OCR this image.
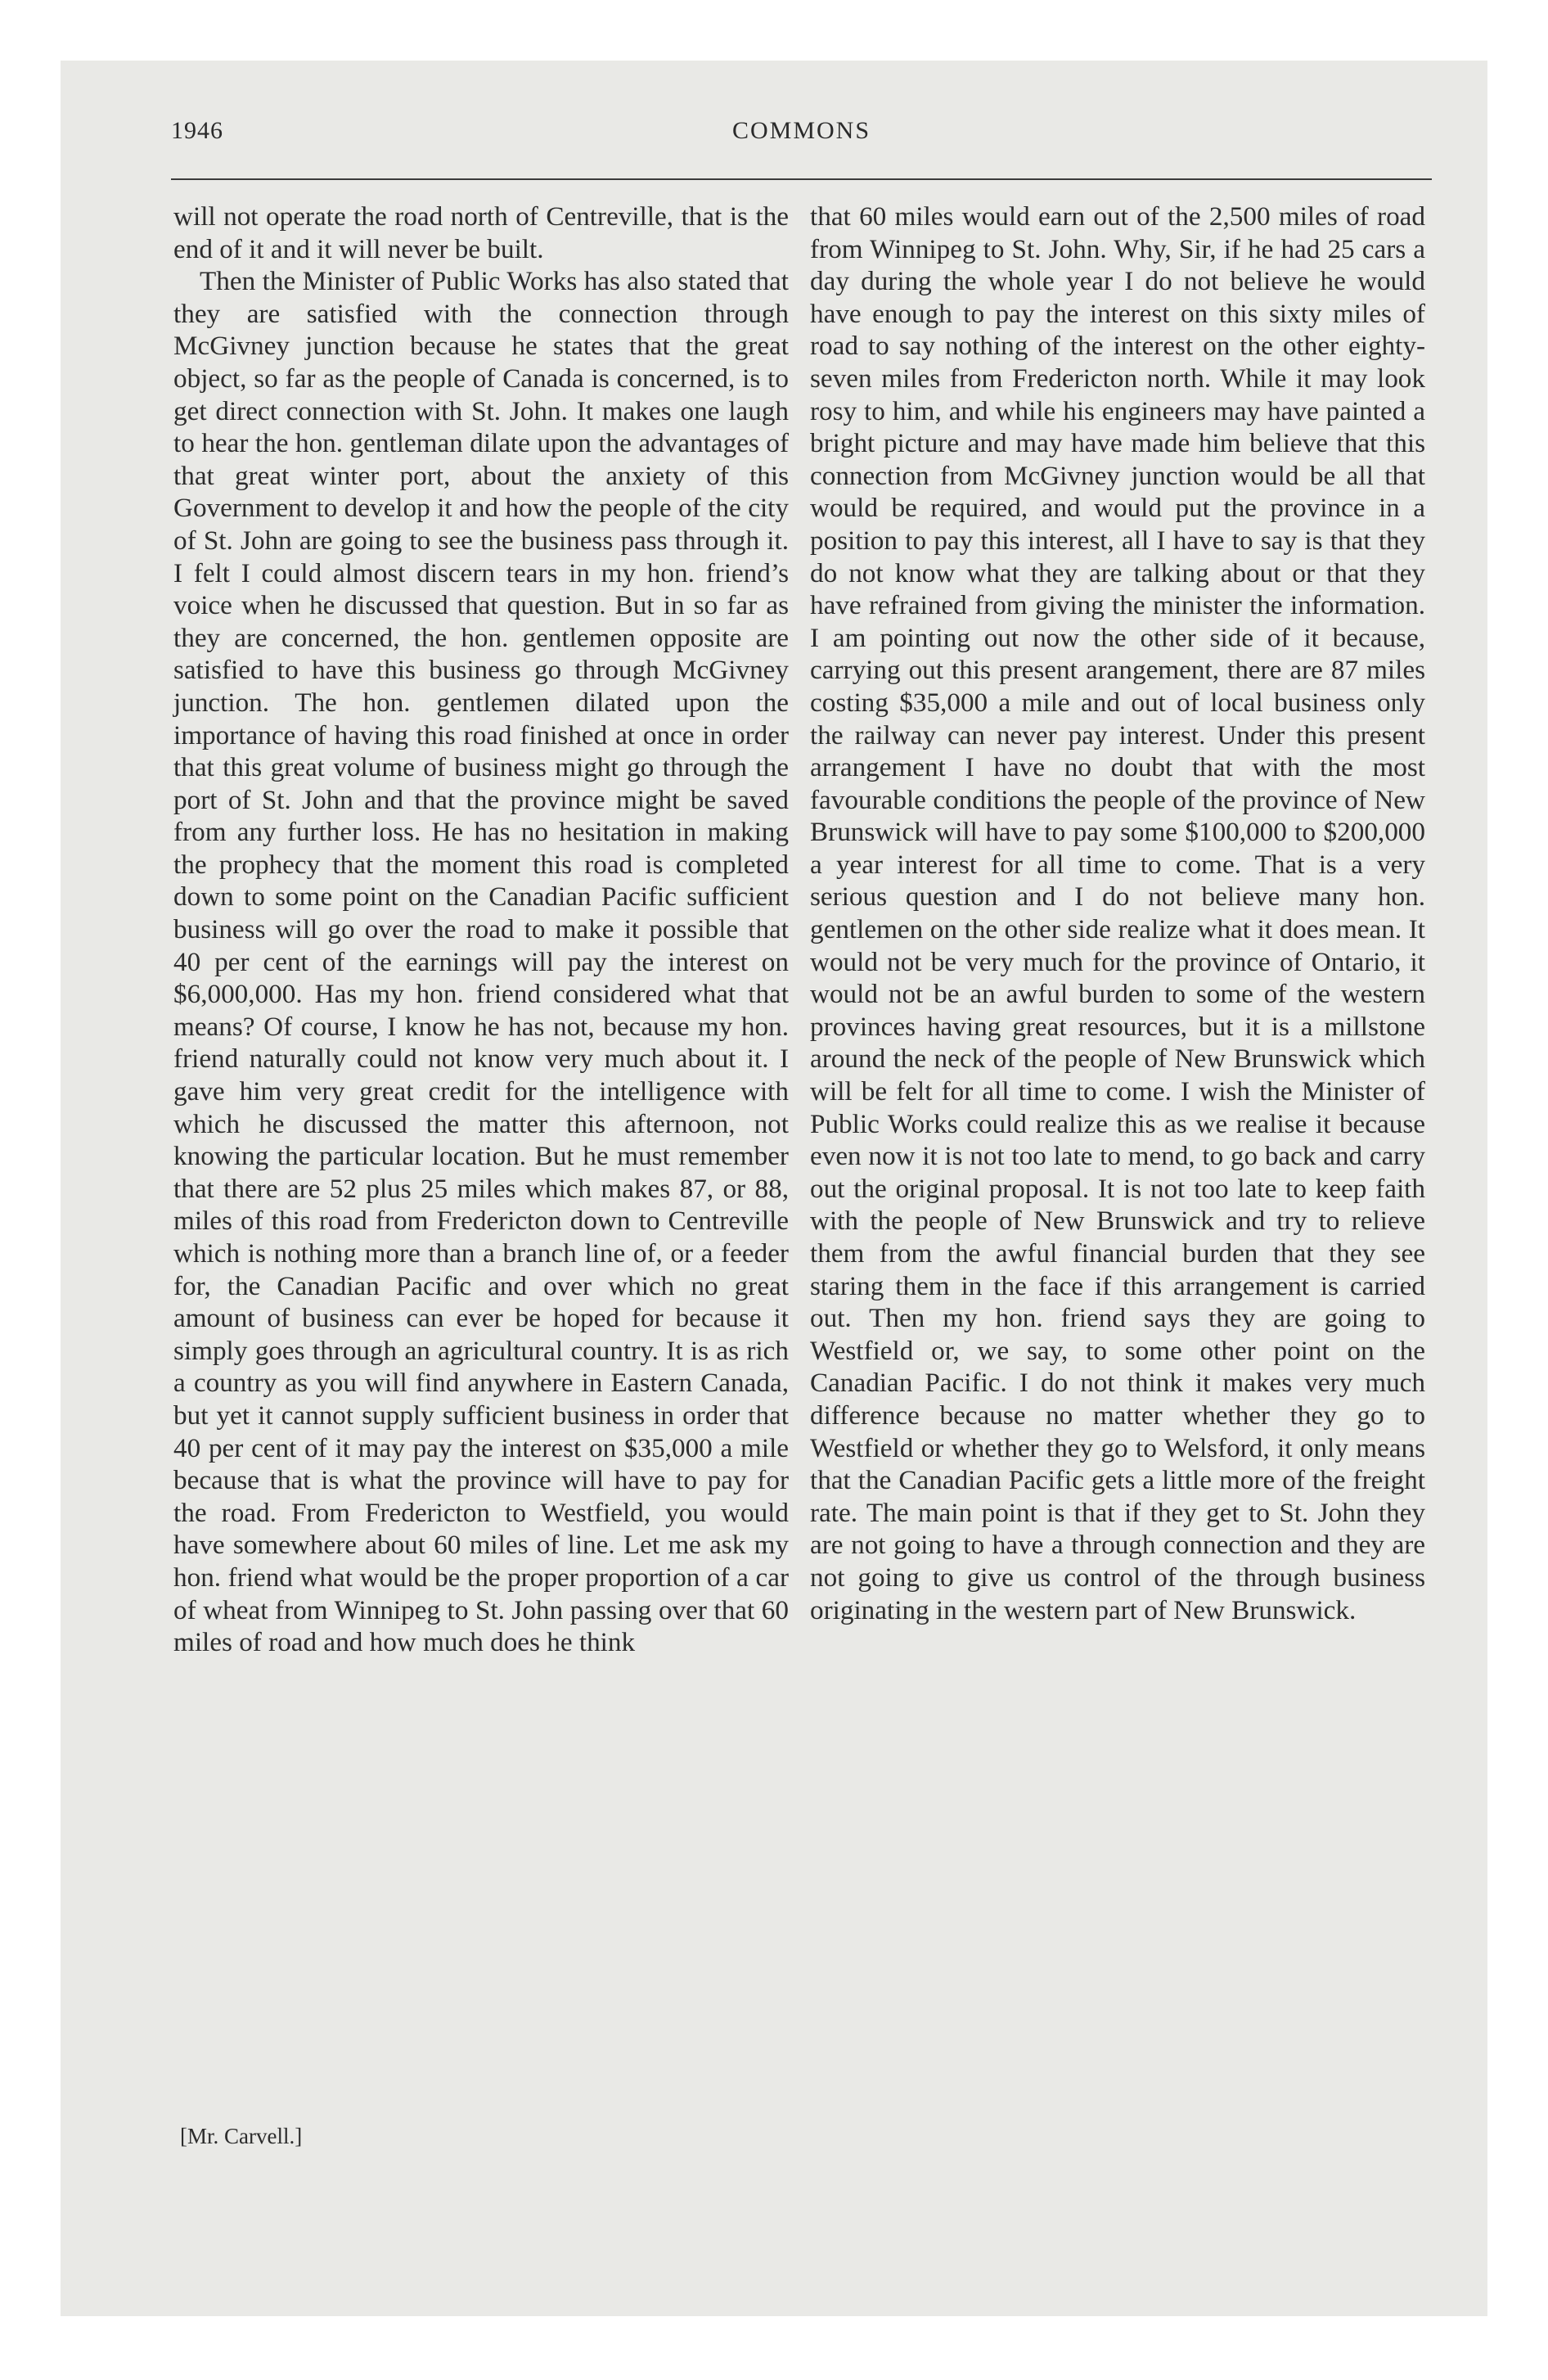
1946	COMMONS

will not operate the road north of Centreville, that is the end of it and it will never be built.

Then the Minister of Public Works has also stated that they are satisfied with the connection through McGivney junction because he states that the great object, so far as the people of Canada is concerned, is to get direct connection with St. John. It makes one laugh to hear the hon. gentleman dilate upon the advantages of that great winter port, about the anxiety of this Government to develop it and how the people of the city of St. John are going to see the business pass through it. I felt I could almost discern tears in my hon. friend’s voice when he discussed that question. But in so far as they are concerned, the hon. gentlemen opposite are satisfied to have this business go through McGivney junction. The hon. gentlemen dilated upon the importance of having this road finished at once in order that this great volume of business might go through the port of St. John and that the province might be saved from any further loss. He has no hesitation in making the prophecy that the moment this road is completed down to some point on the Canadian Pacific sufficient business will go over the road to make it possible that 40 per cent of the earnings will pay the interest on $6,000,000. Has my hon. friend considered what that means? Of course, I know he has not, because my hon. friend naturally could not know very much about it. I gave him very great credit for the intelligence with which he discussed the matter this afternoon, not knowing the particular location. But he must remember that there are 52 plus 25 miles which makes 87, or 88, miles of this road from Fredericton down to Centreville which is nothing more than a branch line of, or a feeder for, the Canadian Pacific and over which no great amount of business can ever be hoped for because it simply goes through an agricultural country. It is as rich a country as you will find anywhere in Eastern Canada, but yet it cannot supply sufficient business in order that 40 per cent of it may pay the interest on $35,000 a mile because that is what the province will have to pay for the road. From Fredericton to Westfield, you would have somewhere about 60 miles of line. Let me ask my hon. friend what would be the proper proportion of a car of wheat from Winnipeg to St. John passing over that 60 miles of road and how much does he think

that 60 miles would earn out of the 2,500 miles of road from Winnipeg to St. John. Why, Sir, if he had 25 cars a day during the whole year I do not believe he would have enough to pay the interest on this sixty miles of road to say nothing of the interest on the other eighty-seven miles from Fredericton north. While it may look rosy to him, and while his engineers may have painted a bright picture and may have made him believe that this connection from McGivney junction would be all that would be required, and would put the province in a position to pay this interest, all I have to say is that they do not know what they are talking about or that they have refrained from giving the minister the information. I am pointing out now the other side of it because, carrying out this present arangement, there are 87 miles costing $35,000 a mile and out of local business only the railway can never pay interest. Under this present arrangement I have no doubt that with the most favourable conditions the people of the province of New Brunswick will have to pay some $100,000 to $200,000 a year interest for all time to come. That is a very serious question and I do not believe many hon. gentlemen on the other side realize what it does mean. It would not be very much for the province of Ontario, it would not be an awful burden to some of the western provinces having great resources, but it is a millstone around the neck of the people of New Brunswick which will be felt for all time to come. I wish the Minister of Public Works could realize this as we realise it because even now it is not too late to mend, to go back and carry out the original proposal. It is not too late to keep faith with the people of New Brunswick and try to relieve them from the awful financial burden that they see staring them in the face if this arrangement is carried out. Then my hon. friend says they are going to Westfield or, we say, to some other point on the Canadian Pacific. I do not think it makes very much difference because no matter whether they go to Westfield or whether they go to Welsford, it only means that the Canadian Pacific gets a little more of the freight rate. The main point is that if they get to St. John they are not going to have a through connection and they are not going to give us control of the through business originating in the western part of New Brunswick.

[Mr. Carvell.]
